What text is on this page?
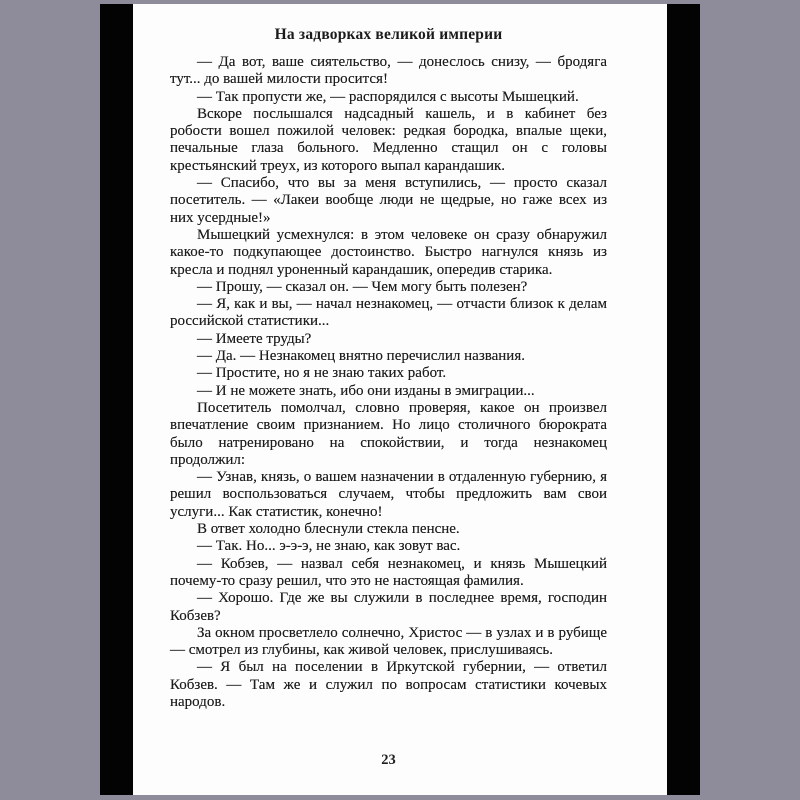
На задворках великой империи

— Да вот, ваше сиятельство, — донеслось снизу, — бродяга тут... до вашей милости просится!

— Так пропусти же, — распорядился с высоты Мышецкий.

Вскоре послышался надсадный кашель, и в кабинет без робости вошел пожилой человек: редкая бородка, впалые щеки, печальные глаза больного. Медленно стащил он с головы крестьянский треух, из которого выпал карандашик.

— Спасибо, что вы за меня вступились, — просто сказал посетитель. — «Лакеи вообще люди не щедрые, но гаже всех из них усердные!»

Мышецкий усмехнулся: в этом человеке он сразу обнаружил какое-то подкупающее достоинство. Быстро нагнулся князь из кресла и поднял уроненный карандашик, опередив старика.

— Прошу, — сказал он. — Чем могу быть полезен?

— Я, как и вы, — начал незнакомец, — отчасти близок к делам российской статистики...

— Имеете труды?

— Да. — Незнакомец внятно перечислил названия.

— Простите, но я не знаю таких работ.

— И не можете знать, ибо они изданы в эмиграции...

Посетитель помолчал, словно проверяя, какое он произвел впечатление своим признанием. Но лицо столичного бюрократа было натренировано на спокойствии, и тогда незнакомец продолжил:

— Узнав, князь, о вашем назначении в отдаленную губернию, я решил воспользоваться случаем, чтобы предложить вам свои услуги... Как статистик, конечно!

В ответ холодно блеснули стекла пенсне.

— Так. Но... э-э-э, не знаю, как зовут вас.

— Кобзев, — назвал себя незнакомец, и князь Мышецкий почему-то сразу решил, что это не настоящая фамилия.

— Хорошо. Где же вы служили в последнее время, господин Кобзев?

За окном просветлело солнечно, Христос — в узлах и в рубище — смотрел из глубины, как живой человек, прислушиваясь.

— Я был на поселении в Иркутской губернии, — ответил Кобзев. — Там же и служил по вопросам статистики кочевых народов.

23
